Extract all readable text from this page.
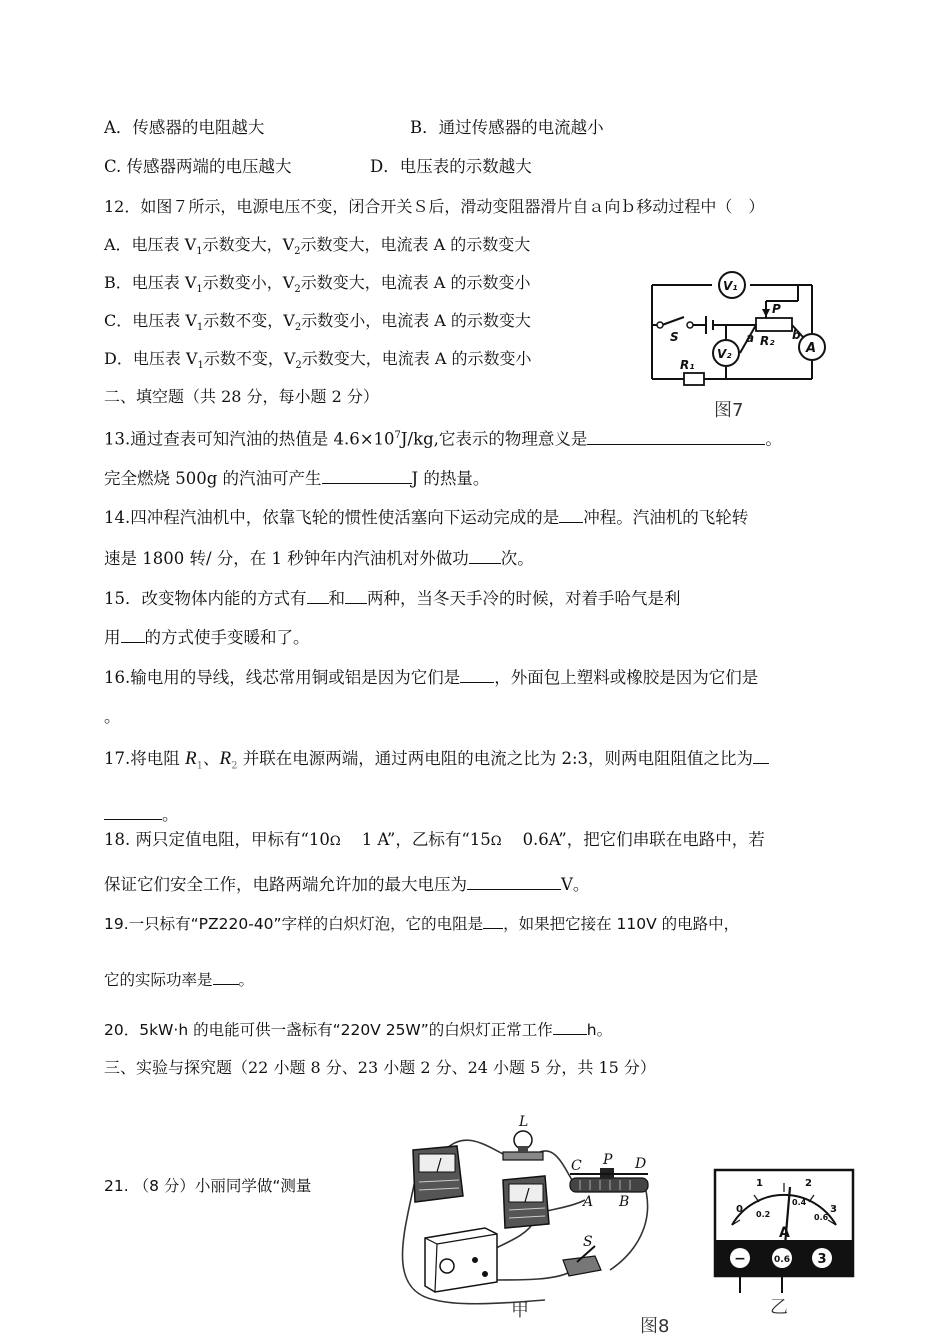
A．传感器的电阻越大	B．通过传感器的电流越小
C. 传感器两端的电压越大	D．电压表的示数越大
12．如图７所示，电源电压不变，闭合开关Ｓ后，滑动变阻器滑片自ａ向ｂ移动过程中（　）
A．电压表 $V_1$示数变大，$V_2$示数变大，电流表 A 的示数变大
B．电压表 $V_1$示数变小，$V_2$示数变大，电流表 A 的示数变小
C．电压表 $V_1$示数不变，$V_2$示数变小，电流表 A 的示数变大
D．电压表 $V_1$示数不变，$V_2$示数变大，电流表 A 的示数变小
V₁
V₂	A
S
P
R₁
R₂
a	b
图7
二、填空题（共 28 分，每小题 2 分）
13.通过查表可知汽油的热值是 $4.6\times 10^7J/kg$,它表示的物理意义是	。
完全燃烧 500g 的汽油可产生	J 的热量。
14.四冲程汽油机中，依靠飞轮的惯性使活塞向下运动完成的是 冲程。汽油机的飞轮转
速是 1800 转/ 分，在 1 秒钟年内汽油机对外做功 次。
15．改变物体内能的方式有 和 两种，当冬天手冷的时候，对着手哈气是利
用 的方式使手变暖和了。
16.输电用的导线，线芯常用铜或铝是因为它们是 ，外面包上塑料或橡胶是因为它们是
。
17.将电阻 $R_1$、$R_2$ 并联在电源两端，通过两电阻的电流之比为 2:3，则两电阻阻值之比为
。
18. 两只定值电阻，甲标有“10Ω 1 A”，乙标有“15Ω 0.6A”，把它们串联在电路中，若
保证它们安全工作，电路两端允许加的最大电压为	V。
19.一只标有“PZ220-40”字样的白炽灯泡，它的电阻是 ，如果把它接在 110V 的电路中，
它的实际功率是 。
20．5kW·h 的电能可供一盏标有“220V 25W”的白炽灯正常工作 h。
三、实验与探究题（22 小题 8 分、23 小题 2 分、24 小题 5 分，共 15 分）
21. （8 分）小丽同学做“测量
L
C P D
A B
S
甲
0
1	2
3
0.2
0.4
0.6
A
−	0.6 3
乙
图8
